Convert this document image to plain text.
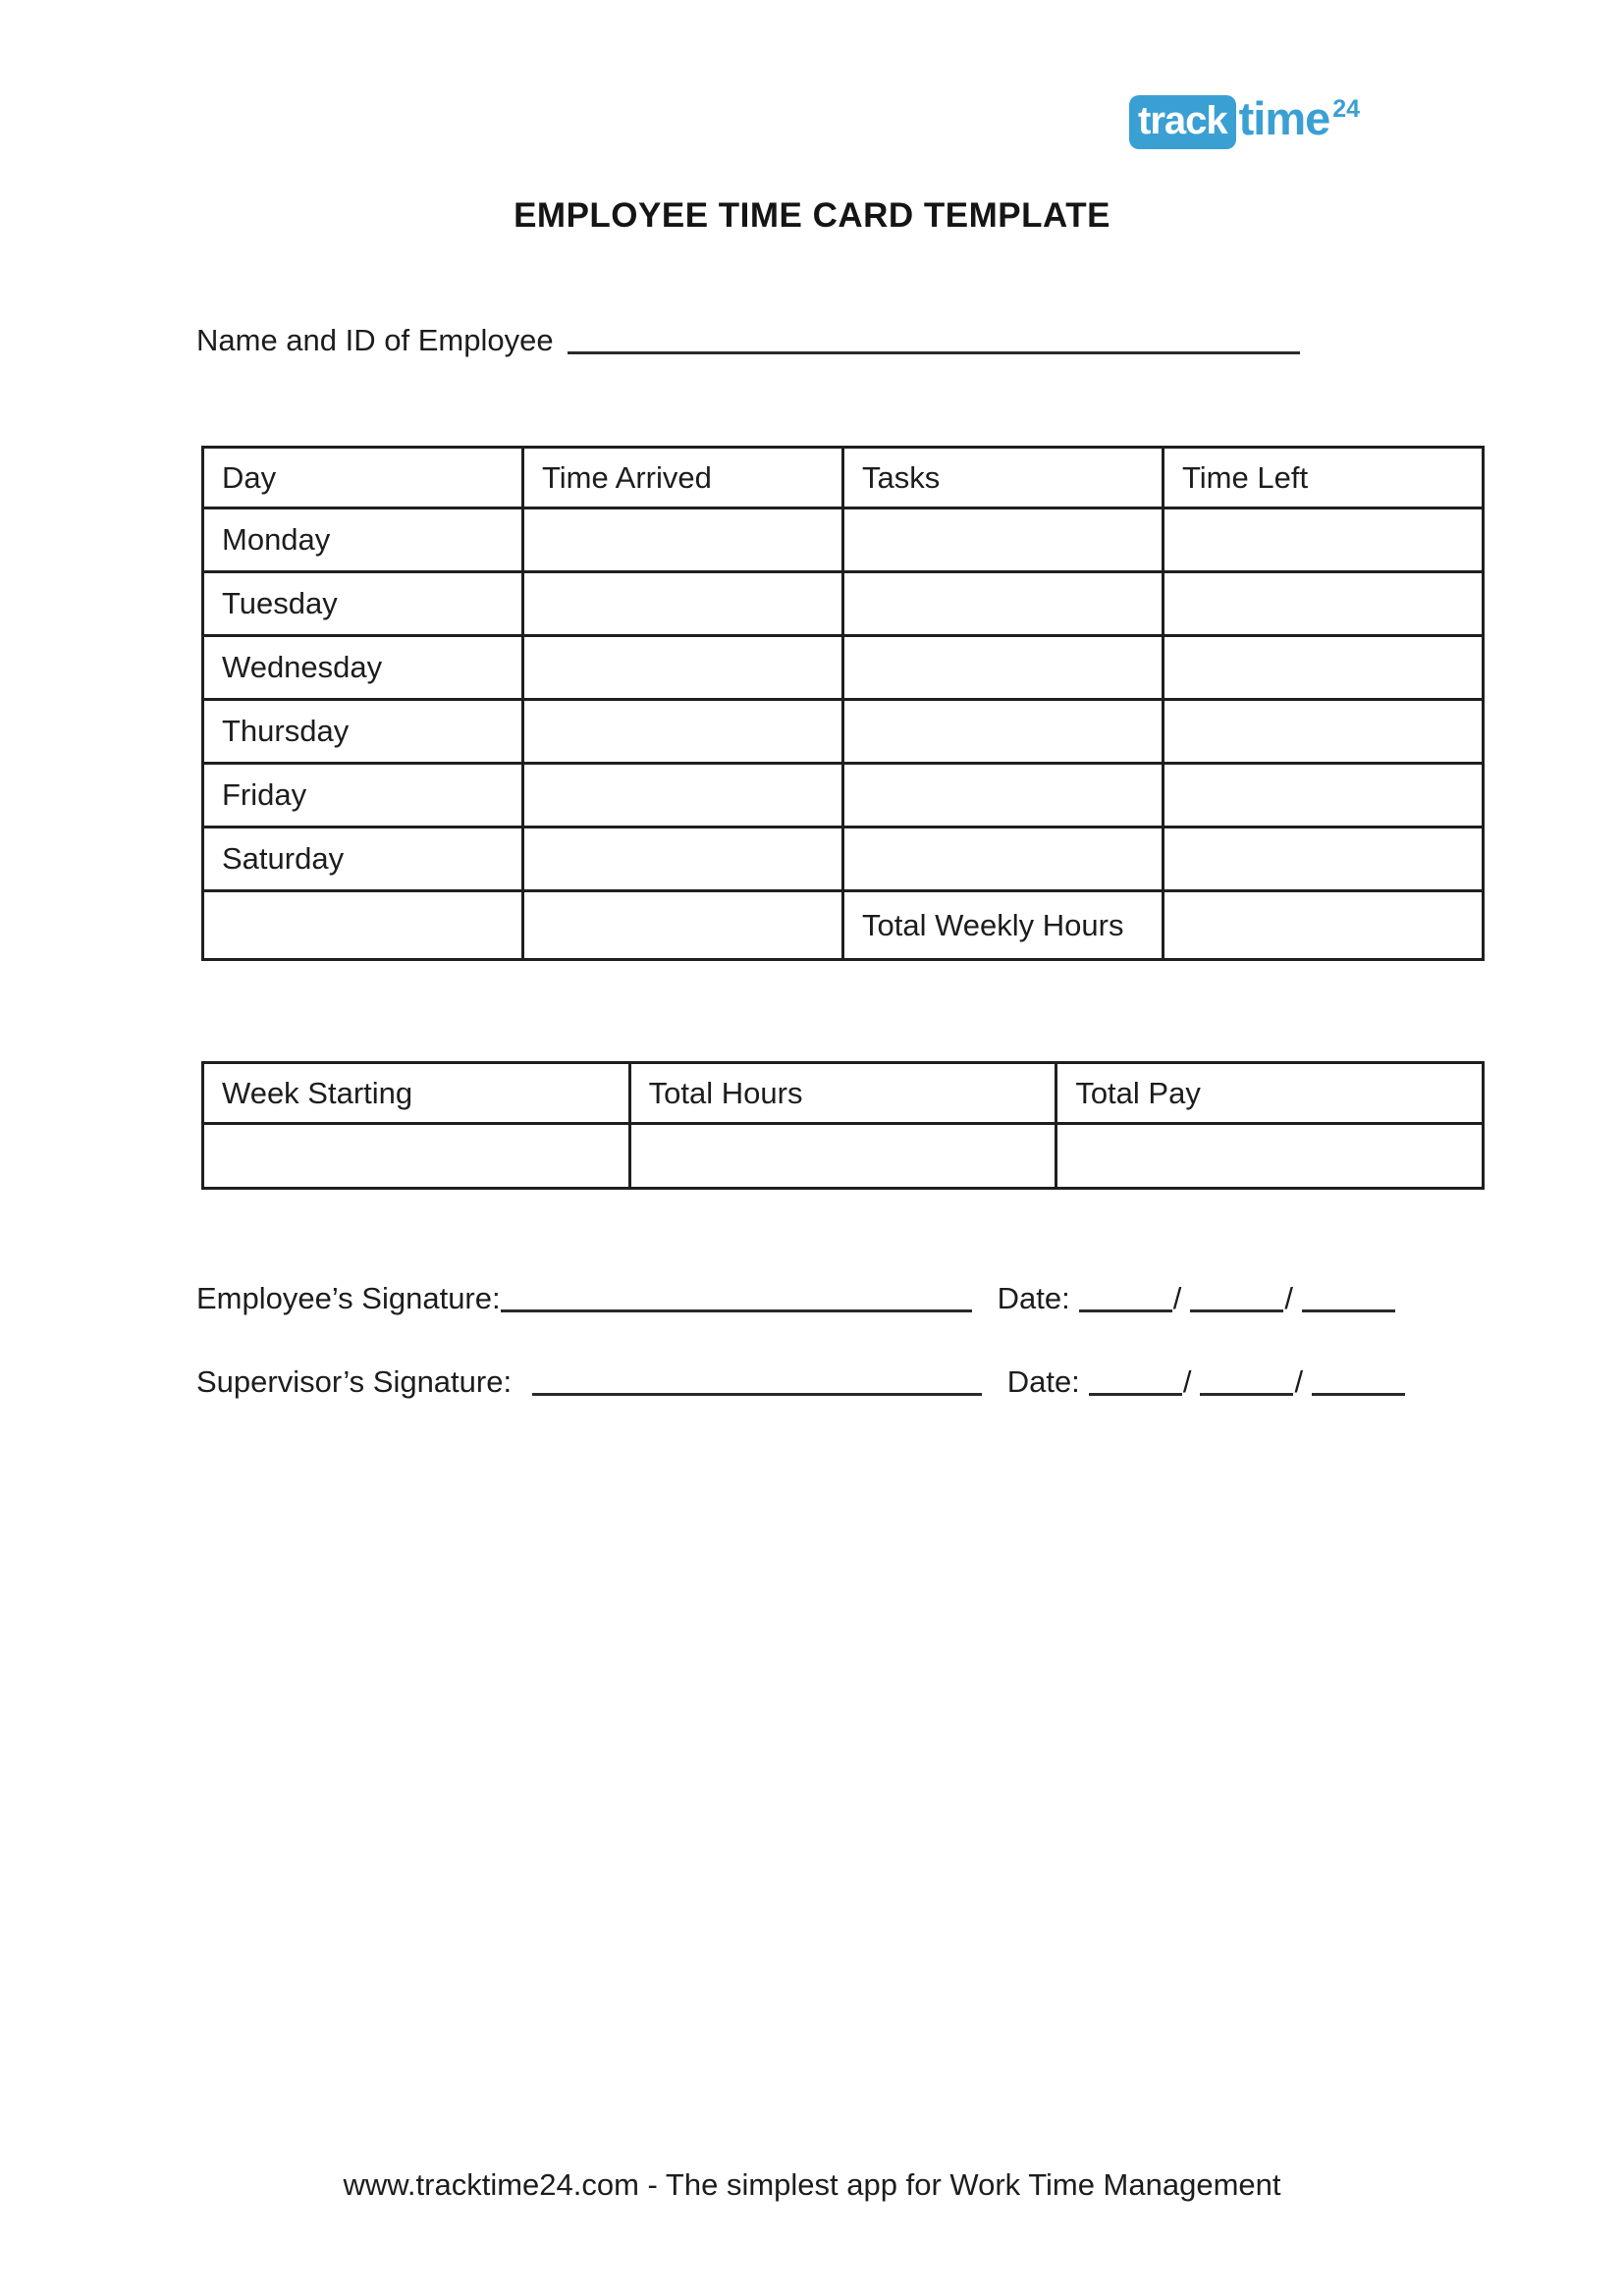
track time 24
EMPLOYEE TIME CARD TEMPLATE
Name and ID of Employee
Day	Time Arrived	Tasks	Time Left
Monday			
Tuesday			
Wednesday			
Thursday			
Friday			
Saturday			
		Total Weekly Hours	
Week Starting	Total Hours	Total Pay

Employee’s Signature:	Date:	/	/
Supervisor’s Signature:	Date:	/	/
www.tracktime24.com - The simplest app for Work Time Management
